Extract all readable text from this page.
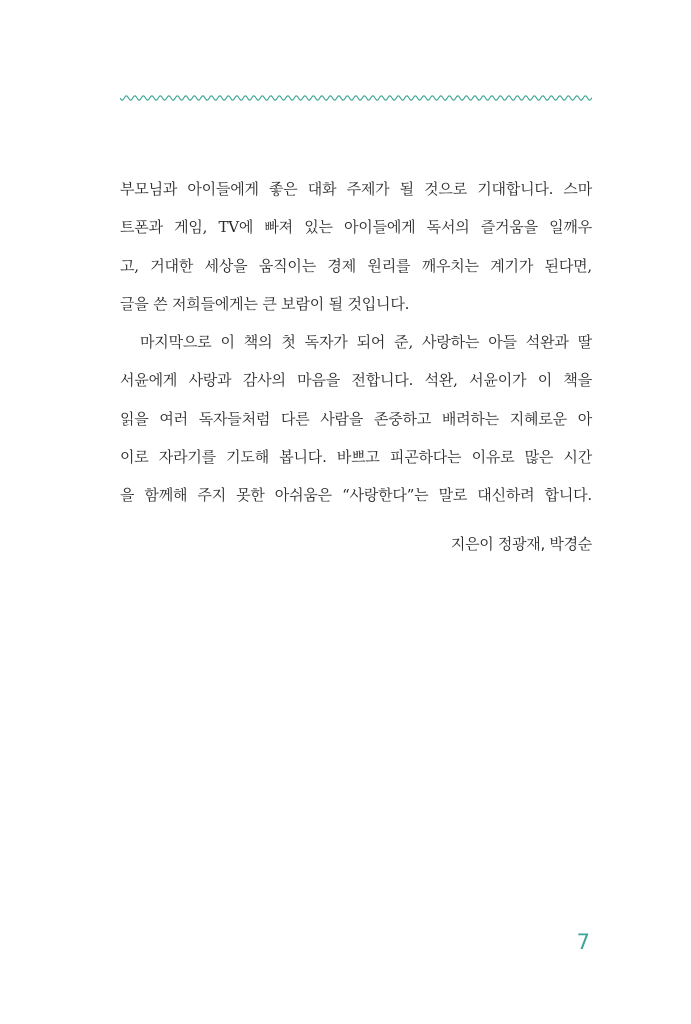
부모님과 아이들에게 좋은 대화 주제가 될 것으로 기대합니다. 스마
트폰과 게임, TV에 빠져 있는 아이들에게 독서의 즐거움을 일깨우
고, 거대한 세상을 움직이는 경제 원리를 깨우치는 계기가 된다면,
글을 쓴 저희들에게는 큰 보람이 될 것입니다.
마지막으로 이 책의 첫 독자가 되어 준, 사랑하는 아들 석완과 딸
서윤에게 사랑과 감사의 마음을 전합니다. 석완, 서윤이가 이 책을
읽을 여러 독자들처럼 다른 사람을 존중하고 배려하는 지혜로운 아
이로 자라기를 기도해 봅니다. 바쁘고 피곤하다는 이유로 많은 시간
을 함께해 주지 못한 아쉬움은 “사랑한다”는 말로 대신하려 합니다.
지은이 정광재, 박경순
7
